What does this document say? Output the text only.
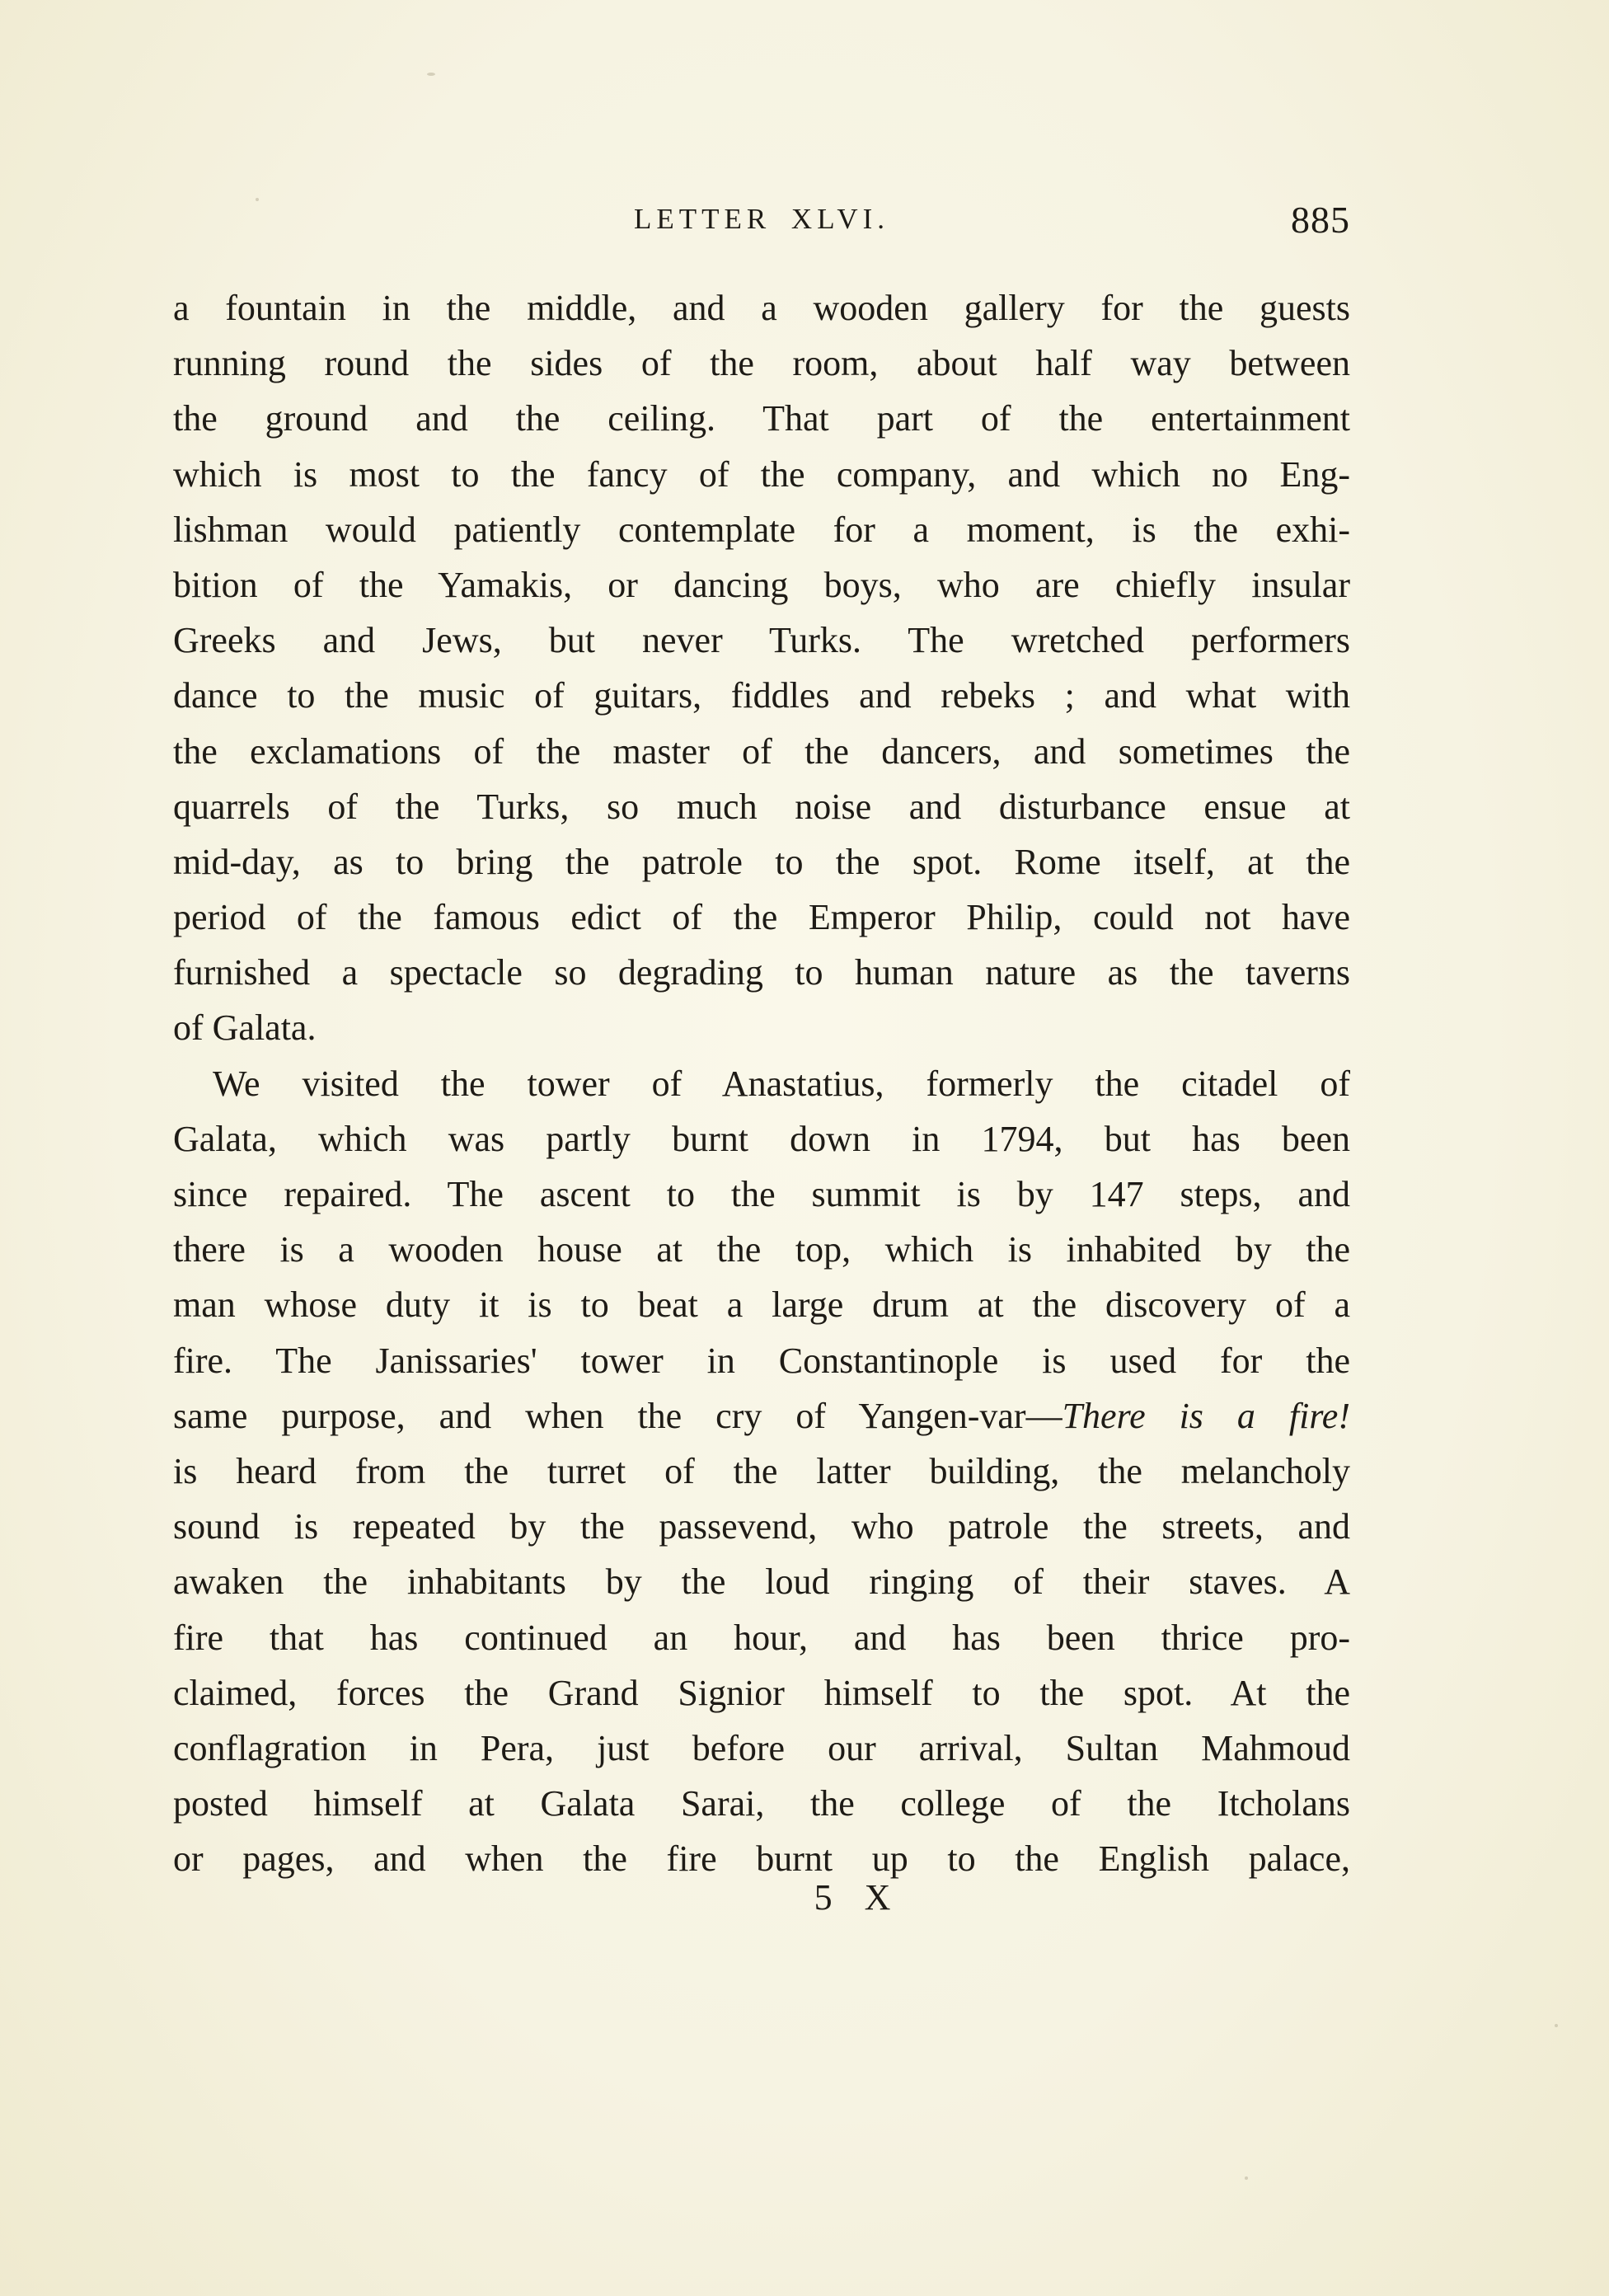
LETTER XLVI.	885
a fountain in the middle, and a wooden gallery for the guests
running round the sides of the room, about half way between
the ground and the ceiling. That part of the entertainment
which is most to the fancy of the company, and which no Eng-
lishman would patiently contemplate for a moment, is the exhi-
bition of the Yamakis, or dancing boys, who are chiefly insular
Greeks and Jews, but never Turks. The wretched performers
dance to the music of guitars, fiddles and rebeks ; and what with
the exclamations of the master of the dancers, and sometimes the
quarrels of the Turks, so much noise and disturbance ensue at
mid-day, as to bring the patrole to the spot. Rome itself, at the
period of the famous edict of the Emperor Philip, could not have
furnished a spectacle so degrading to human nature as the taverns
of Galata.
We visited the tower of Anastatius, formerly the citadel of
Galata, which was partly burnt down in 1794, but has been
since repaired. The ascent to the summit is by 147 steps, and
there is a wooden house at the top, which is inhabited by the
man whose duty it is to beat a large drum at the discovery of a
fire. The Janissaries' tower in Constantinople is used for the
same purpose, and when the cry of Yangen-var—There is a fire!
is heard from the turret of the latter building, the melancholy
sound is repeated by the passevend, who patrole the streets, and
awaken the inhabitants by the loud ringing of their staves. A
fire that has continued an hour, and has been thrice pro-
claimed, forces the Grand Signior himself to the spot. At the
conflagration in Pera, just before our arrival, Sultan Mahmoud
posted himself at Galata Sarai, the college of the Itcholans
or pages, and when the fire burnt up to the English palace,
5 X
